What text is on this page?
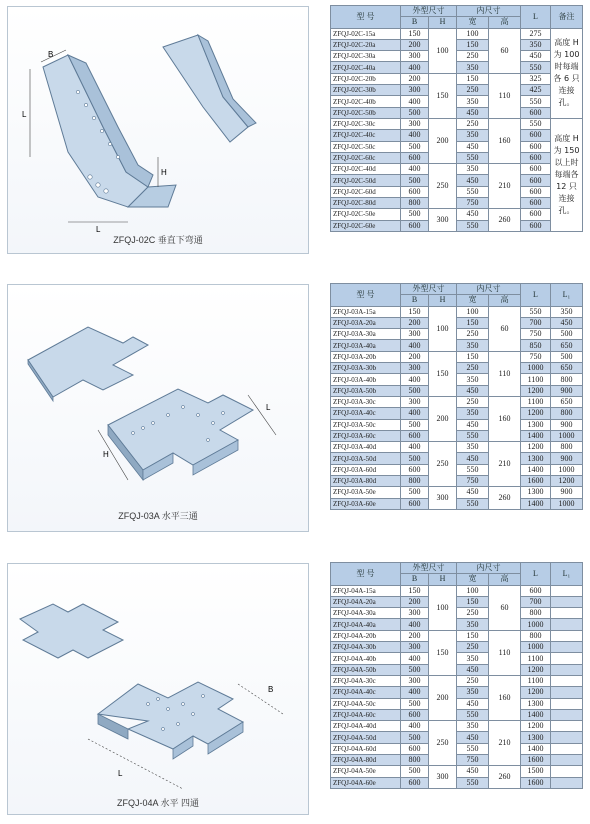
B
L
L
H
ZFQJ-02C 垂直下弯通
型 号	外型尺寸		内尺寸		L	备注
	B	H	宽	高		
ZFQJ-02C-15a	150	100	100	60	275	高度 H 为 100 时每端各 6 只连接孔。
ZFQJ-02C-20a	200		150		350	
ZFQJ-02C-30a	300		250		450	
ZFQJ-02C-40a	400		350		550	
ZFQJ-02C-20b	200	150	150	110	325	
ZFQJ-02C-30b	300		250		425	
ZFQJ-02C-40b	400		350		550	
ZFQJ-02C-50b	500		450		600	
ZFQJ-02C-30c	300	200	250	160	550	高度 H 为 150 以上时每端各 12 只连接孔。
ZFQJ-02C-40c	400		350		600	
ZFQJ-02C-50c	500		450		600	
ZFQJ-02C-60c	600		550		600	
ZFQJ-02C-40d	400	250	350	210	600	
ZFQJ-02C-50d	500		450		600	
ZFQJ-02C-60d	600		550		600	
ZFQJ-02C-80d	800		750		600	
ZFQJ-02C-50e	500	300	450	260	600	
ZFQJ-02C-60e	600		550		600	
H
L
ZFQJ-03A 水平三通
型 号	外型尺寸		内尺寸		L	L₁
	B	H	宽	高		
ZFQJ-03A-15a	150	100	100	60	550	350
ZFQJ-03A-20a	200		150		700	450
ZFQJ-03A-30a	300		250		750	500
ZFQJ-03A-40a	400		350		850	650
ZFQJ-03A-20b	200	150	150	110	750	500
ZFQJ-03A-30b	300		250		1000	650
ZFQJ-03A-40b	400		350		1100	800
ZFQJ-03A-50b	500		450		1200	900
ZFQJ-03A-30c	300	200	250	160	1100	650
ZFQJ-03A-40c	400		350		1200	800
ZFQJ-03A-50c	500		450		1300	900
ZFQJ-03A-60c	600		550		1400	1000
ZFQJ-03A-40d	400	250	350	210	1200	800
ZFQJ-03A-50d	500		450		1300	900
ZFQJ-03A-60d	600		550		1400	1000
ZFQJ-03A-80d	800		750		1600	1200
ZFQJ-03A-50e	500	300	450	260	1300	900
ZFQJ-03A-60e	600		550		1400	1000
L
B
ZFQJ-04A 水平 四通
型 号	外型尺寸		内尺寸		L	L₁
	B	H	宽	高		
ZFQJ-04A-15a	150	100	100	60	600	
ZFQJ-04A-20a	200		150		700	
ZFQJ-04A-30a	300		250		800	
ZFQJ-04A-40a	400		350		1000	
ZFQJ-04A-20b	200	150	150	110	800	
ZFQJ-04A-30b	300		250		1000	
ZFQJ-04A-40b	400		350		1100	
ZFQJ-04A-50b	500		450		1200	
ZFQJ-04A-30c	300	200	250	160	1100	
ZFQJ-04A-40c	400		350		1200	
ZFQJ-04A-50c	500		450		1300	
ZFQJ-04A-60c	600		550		1400	
ZFQJ-04A-40d	400	250	350	210	1200	
ZFQJ-04A-50d	500		450		1300	
ZFQJ-04A-60d	600		550		1400	
ZFQJ-04A-80d	800		750		1600	
ZFQJ-04A-50e	500	300	450	260	1500	
ZFQJ-04A-60e	600		550		1600	
